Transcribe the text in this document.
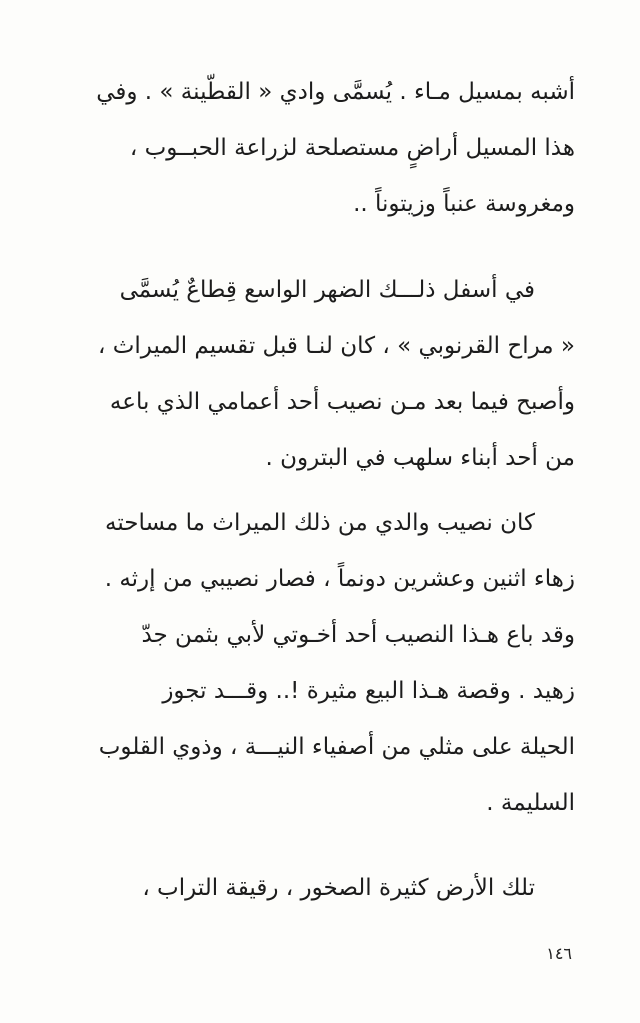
أشبه بمسيل مـاء . يُسمَّى وادي « القطّينة » . وفي
هذا المسيل أراضٍ مستصلحة لزراعة الحبــوب ،
ومغروسة عنباً وزيتوناً ..
في أسفل ذلـــك الضهر الواسع قِطاعٌ يُسمَّى
« مراح القرنوبي » ، كان لنـا قبل تقسيم الميراث ،
وأصبح فيما بعد مـن نصيب أحد أعمامي الذي باعه
من أحد أبناء سلهب في البترون .
كان نصيب والدي من ذلك الميراث ما مساحته
زهاء اثنين وعشرين دونماً ، فصار نصيبي من إرثه .
وقد باع هـذا النصيب أحد أخـوتي لأبي بثمن جدّ
زهيد . وقصة هـذا البيع مثيرة !.. وقـــد تجوز
الحيلة على مثلي من أصفياء النيـــة ، وذوي القلوب
السليمة .
تلك الأرض كثيرة الصخور ، رقيقة التراب ،
١٤٦
